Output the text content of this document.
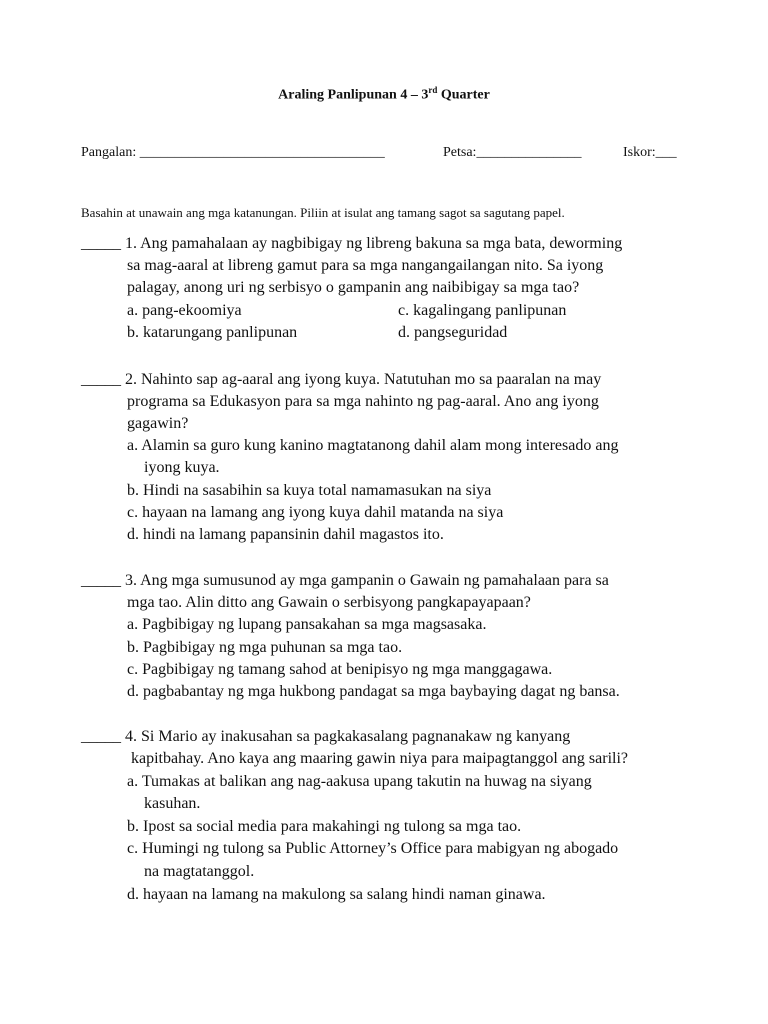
Araling Panlipunan 4 – 3rd Quarter
Pangalan: ___________________________________	Petsa:_______________	Iskor:___
Basahin at unawain ang mga katanungan. Piliin at isulat ang tamang sagot sa sagutang papel.
_____ 1. Ang pamahalaan ay nagbibigay ng libreng bakuna sa mga bata, deworming
sa mag-aaral at libreng gamut para sa mga nangangailangan nito. Sa iyong
palagay, anong uri ng serbisyo o gampanin ang naibibigay sa mga tao?
a. pang-ekoomiya	c. kagalingang panlipunan
b. katarungang panlipunan	d. pangseguridad
_____ 2. Nahinto sap ag-aaral ang iyong kuya. Natutuhan mo sa paaralan na may
programa sa Edukasyon para sa mga nahinto ng pag-aaral. Ano ang iyong
gagawin?
a. Alamin sa guro kung kanino magtatanong dahil alam mong interesado ang
iyong kuya.
b. Hindi na sasabihin sa kuya total namamasukan na siya
c. hayaan na lamang ang iyong kuya dahil matanda na siya
d. hindi na lamang papansinin dahil magastos ito.
_____ 3. Ang mga sumusunod ay mga gampanin o Gawain ng pamahalaan para sa
mga tao. Alin ditto ang Gawain o serbisyong pangkapayapaan?
a. Pagbibigay ng lupang pansakahan sa mga magsasaka.
b. Pagbibigay ng mga puhunan sa mga tao.
c. Pagbibigay ng tamang sahod at benipisyo ng mga manggagawa.
d. pagbabantay ng mga hukbong pandagat sa mga baybaying dagat ng bansa.
_____ 4. Si Mario ay inakusahan sa pagkakasalang pagnanakaw ng kanyang
kapitbahay. Ano kaya ang maaring gawin niya para maipagtanggol ang sarili?
a. Tumakas at balikan ang nag-aakusa upang takutin na huwag na siyang
kasuhan.
b. Ipost sa social media para makahingi ng tulong sa mga tao.
c. Humingi ng tulong sa Public Attorney’s Office para mabigyan ng abogado
na magtatanggol.
d. hayaan na lamang na makulong sa salang hindi naman ginawa.
